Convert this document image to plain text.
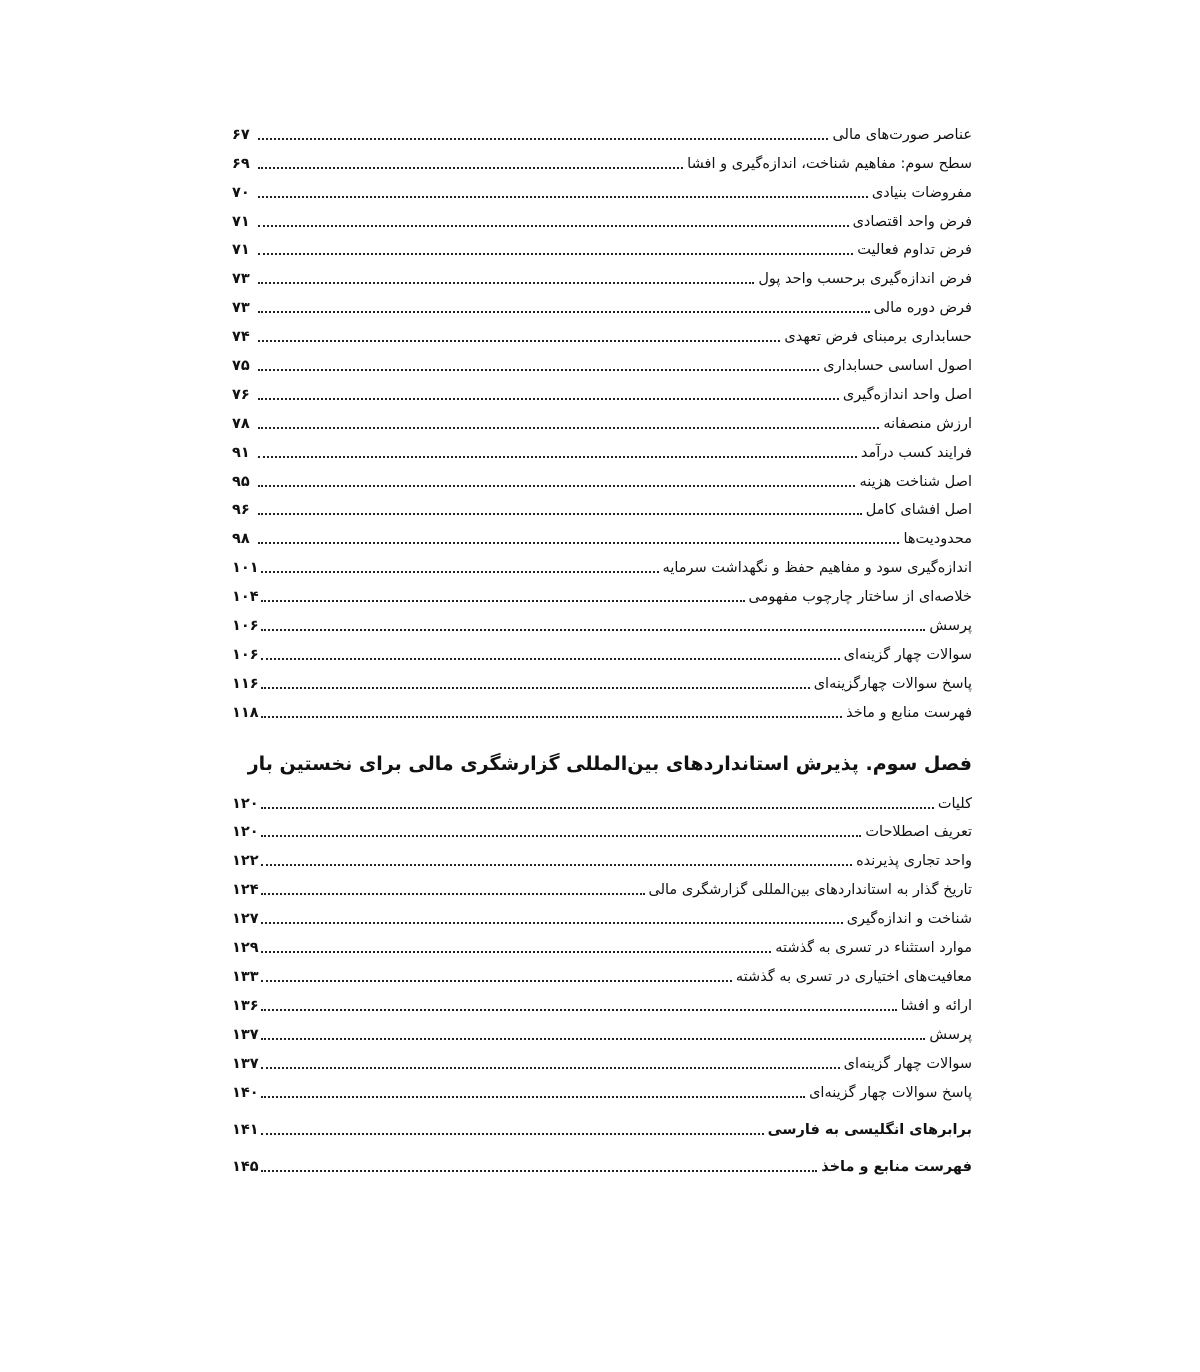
عناصر صورت‌های مالی
۶۷
سطح سوم: مفاهیم شناخت، اندازه‌گیری و افشا
۶۹
مفروضات بنیادی
۷۰
فرض واحد اقتصادی
۷۱
فرض تداوم فعالیت
۷۱
فرض اندازه‌گیری برحسب واحد پول
۷۳
فرض دوره مالی
۷۳
حسابداری برمبنای فرض تعهدی
۷۴
اصول اساسی حسابداری
۷۵
اصل واحد اندازه‌گیری
۷۶
ارزش منصفانه
۷۸
فرایند کسب درآمد
۹۱
اصل شناخت هزینه
۹۵
اصل افشای کامل
۹۶
محدودیت‌ها
۹۸
اندازه‌گیری سود و مفاهیم حفظ و نگهداشت سرمایه
۱۰۱
خلاصه‌ای از ساختار چارچوب مفهومی
۱۰۴
پرسش
۱۰۶
سوالات چهار گزینه‌ای
۱۰۶
پاسخ سوالات چهارگزینه‌ای
۱۱۶
فهرست منابع و ماخذ
۱۱۸
فصل سوم. پذیرش استانداردهای بین‌المللی گزارشگری مالی برای نخستین بار
کلیات
۱۲۰
تعریف اصطلاحات
۱۲۰
واحد تجاری پذیرنده
۱۲۲
تاریخ گذار به استانداردهای بین‌المللی گزارشگری مالی
۱۲۴
شناخت و اندازه‌گیری
۱۲۷
موارد استثناء در تسری به گذشته
۱۲۹
معافیت‌های اختیاری در تسری به گذشته
۱۳۳
ارائه و افشا
۱۳۶
پرسش
۱۳۷
سوالات چهار گزینه‌ای
۱۳۷
پاسخ سوالات چهار گزینه‌ای
۱۴۰
برابرهای انگلیسی به فارسی
۱۴۱
فهرست منابع و ماخذ
۱۴۵
